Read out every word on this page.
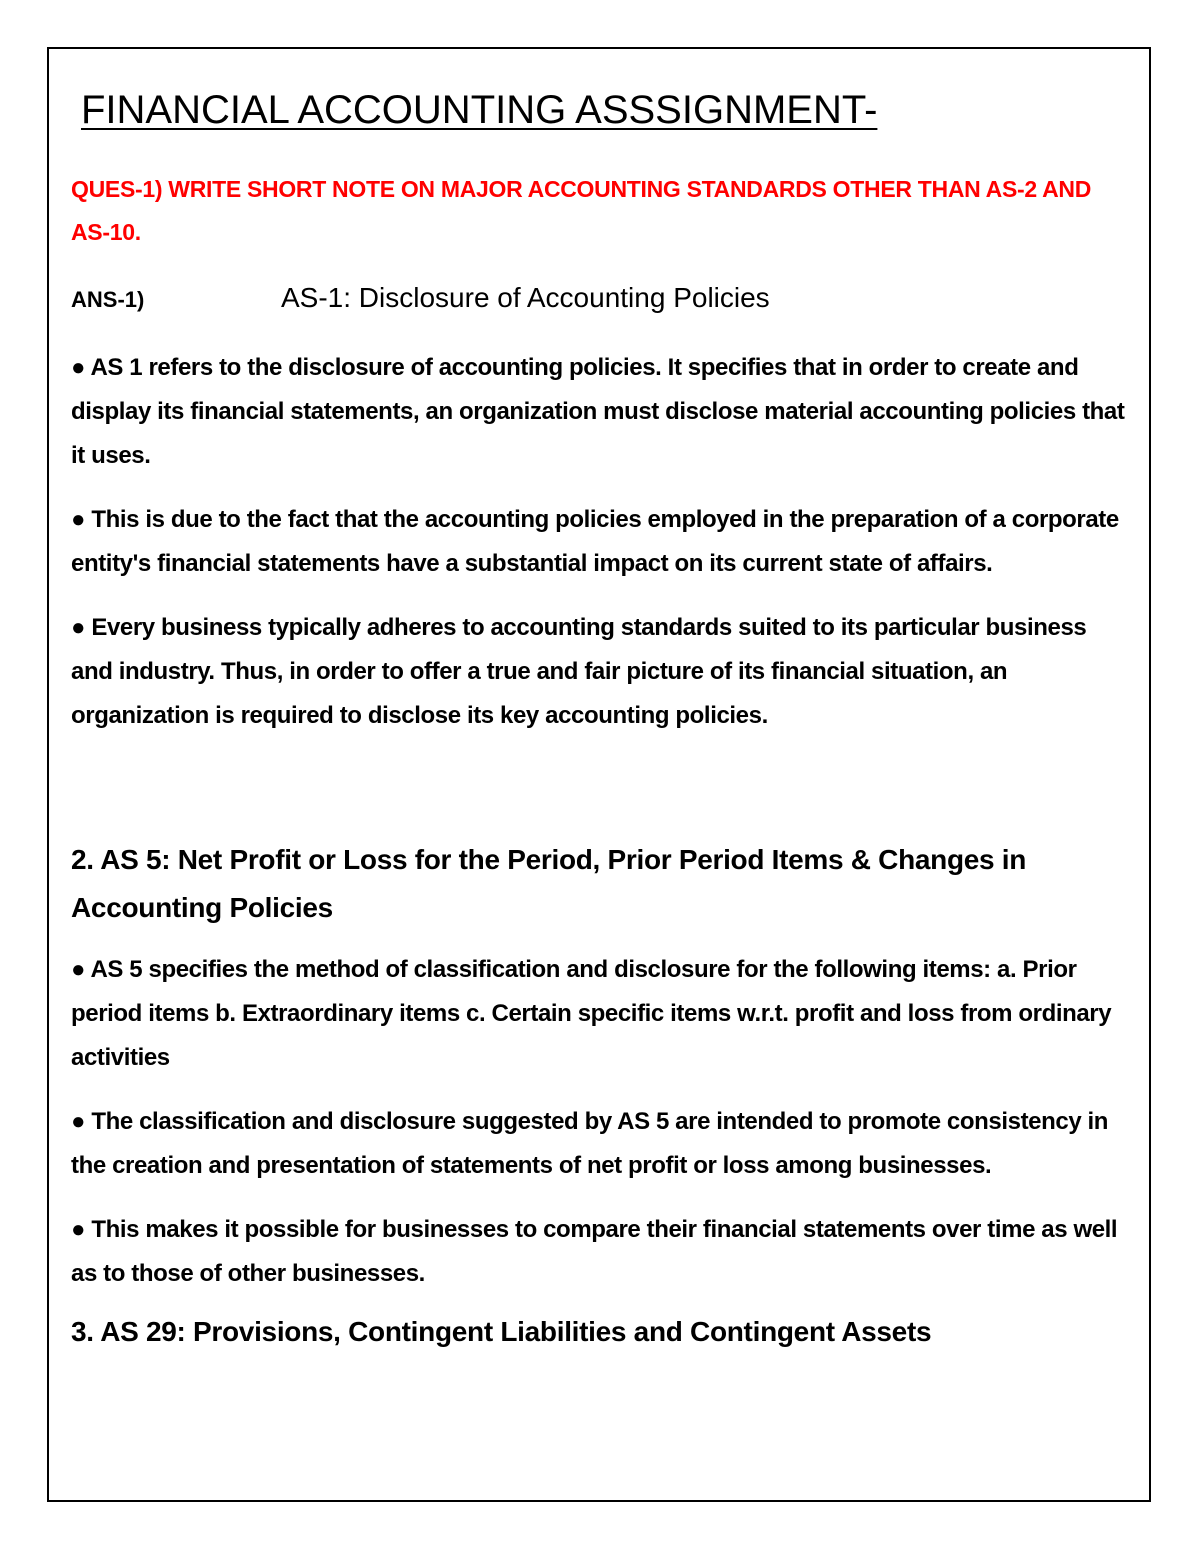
FINANCIAL ACCOUNTING ASSSIGNMENT-

QUES-1) WRITE SHORT NOTE ON MAJOR ACCOUNTING STANDARDS OTHER THAN AS-2 AND AS-10.

ANS-1)	AS-1: Disclosure of Accounting Policies

● AS 1 refers to the disclosure of accounting policies. It specifies that in order to create and display its financial statements, an organization must disclose material accounting policies that it uses.

● This is due to the fact that the accounting policies employed in the preparation of a corporate entity's financial statements have a substantial impact on its current state of affairs.

● Every business typically adheres to accounting standards suited to its particular business and industry. Thus, in order to offer a true and fair picture of its financial situation, an organization is required to disclose its key accounting policies.

2. AS 5: Net Profit or Loss for the Period, Prior Period Items & Changes in Accounting Policies

● AS 5 specifies the method of classification and disclosure for the following items: a. Prior period items b. Extraordinary items c. Certain specific items w.r.t. profit and loss from ordinary activities

● The classification and disclosure suggested by AS 5 are intended to promote consistency in the creation and presentation of statements of net profit or loss among businesses.

● This makes it possible for businesses to compare their financial statements over time as well as to those of other businesses.

3. AS 29: Provisions, Contingent Liabilities and Contingent Assets
